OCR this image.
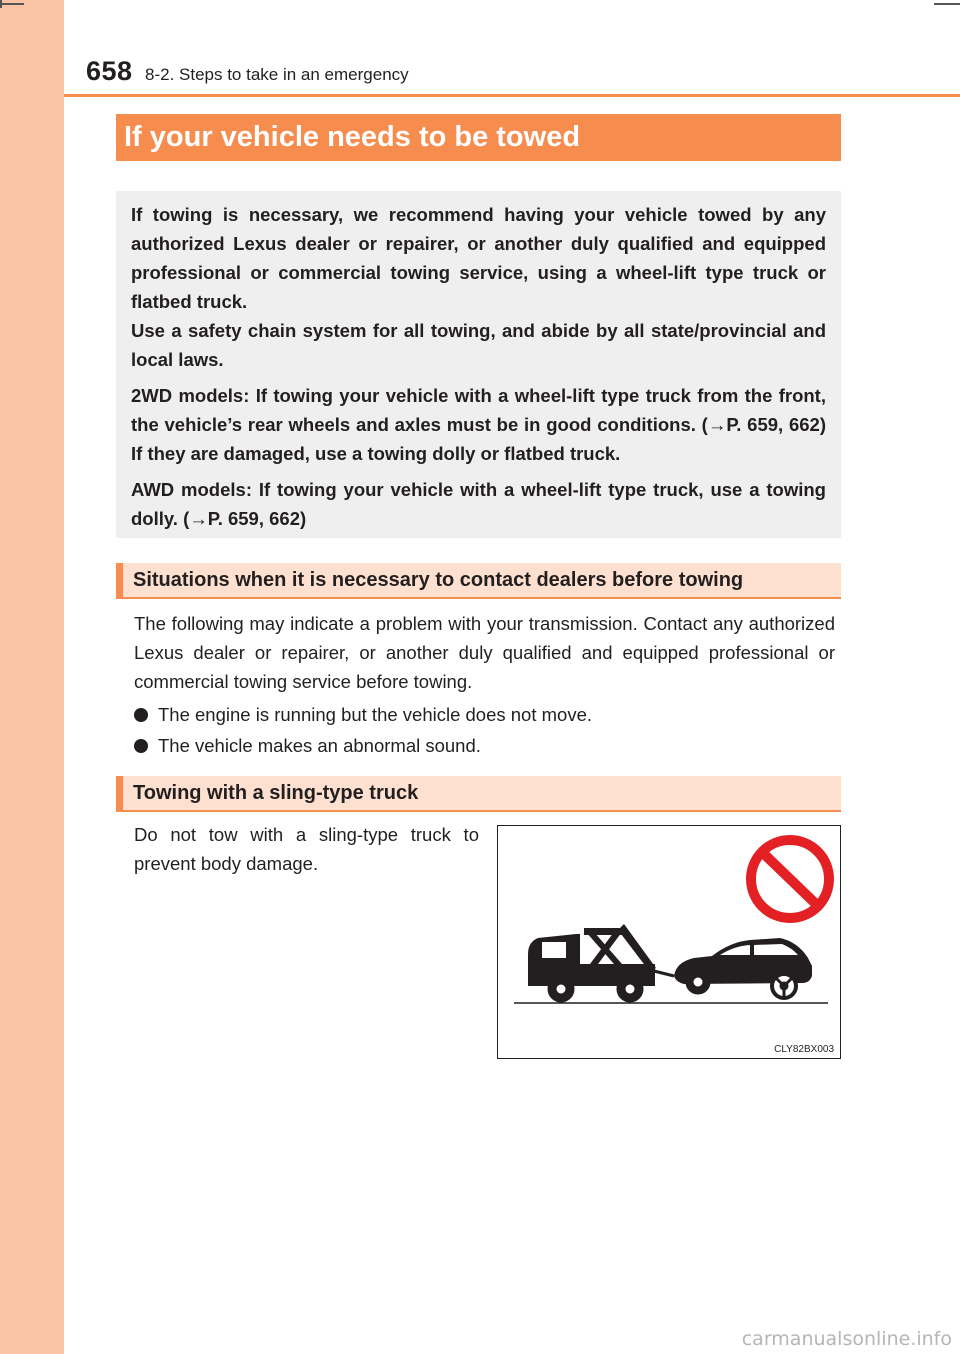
658 8-2. Steps to take in an emergency
If your vehicle needs to be towed

If towing is necessary, we recommend having your vehicle towed by any authorized Lexus dealer or repairer, or another duly qualified and equipped professional or commercial towing service, using a wheel-lift type truck or flatbed truck.

Use a safety chain system for all towing, and abide by all state/provincial and local laws.

2WD models: If towing your vehicle with a wheel-lift type truck from the front, the vehicle’s rear wheels and axles must be in good conditions. (→P. 659, 662) If they are damaged, use a towing dolly or flatbed truck.

AWD models: If towing your vehicle with a wheel-lift type truck, use a towing dolly. (→P. 659, 662)

Situations when it is necessary to contact dealers before towing
The following may indicate a problem with your transmission. Contact any authorized Lexus dealer or repairer, or another duly qualified and equipped professional or commercial towing service before towing.
The engine is running but the vehicle does not move.
The vehicle makes an abnormal sound.
Towing with a sling-type truck
Do not tow with a sling-type truck to prevent body damage.
CLY82BX003
carmanualsonline.info
